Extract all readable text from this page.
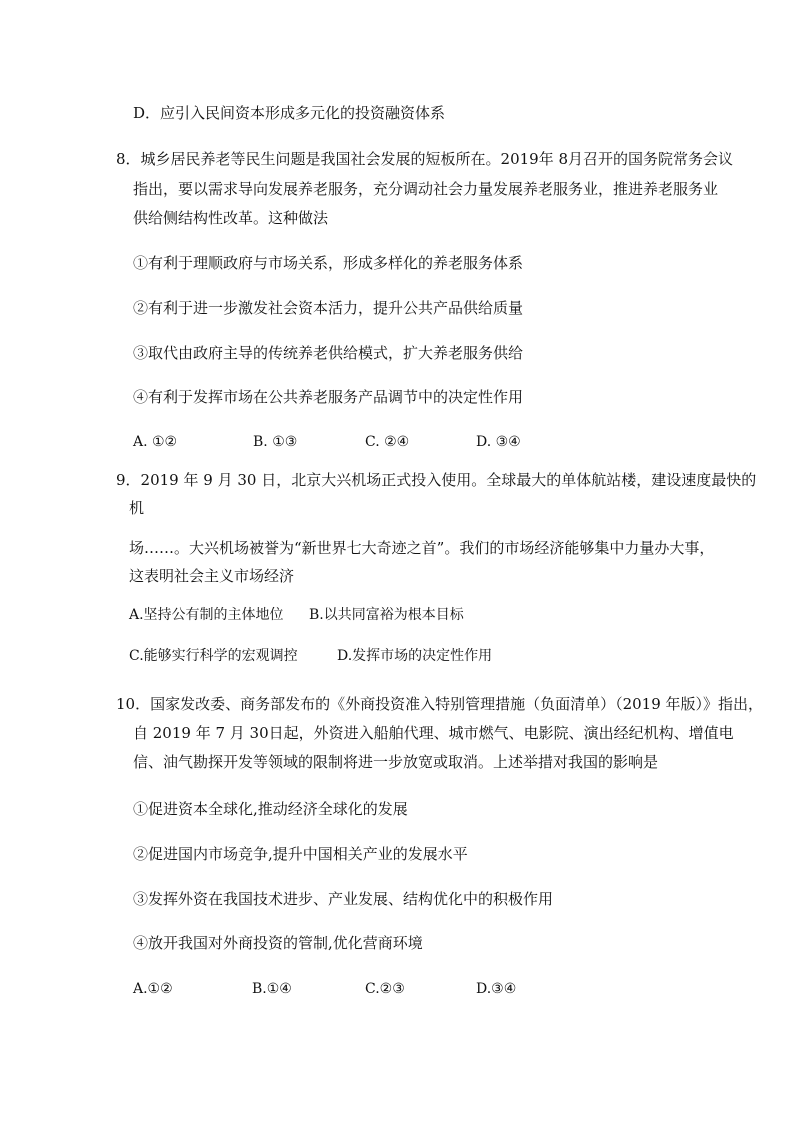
D．应引入民间资本形成多元化的投资融资体系
8．城乡居民养老等民生问题是我国社会发展的短板所在。2019年 8月召开的国务院常务会议
指出，要以需求导向发展养老服务，充分调动社会力量发展养老服务业，推进养老服务业
供给侧结构性改革。这种做法
①有利于理顺政府与市场关系，形成多样化的养老服务体系
②有利于进一步激发社会资本活力，提升公共产品供给质量
③取代由政府主导的传统养老供给模式，扩大养老服务供给
④有利于发挥市场在公共养老服务产品调节中的决定性作用
A. ①②	B. ①③	C. ②④	D. ③④
9．2019 年 9 月 30 日，北京大兴机场正式投入使用。全球最大的单体航站楼，建设速度最快的
机
场……。大兴机场被誉为“新世界七大奇迹之首”。我们的市场经济能够集中力量办大事，
这表明社会主义市场经济
A.坚持公有制的主体地位 B.以共同富裕为根本目标
C.能够实行科学的宏观调控	D.发挥市场的决定性作用
10．国家发改委、商务部发布的《外商投资准入特别管理措施（负面清单）（2019 年版）》指出，
自 2019 年 7 月 30日起，外资进入船舶代理、城市燃气、电影院、演出经纪机构、增值电
信、油气勘探开发等领域的限制将进一步放宽或取消。上述举措对我国的影响是
①促进资本全球化,推动经济全球化的发展
②促进国内市场竞争,提升中国相关产业的发展水平
③发挥外资在我国技术进步、产业发展、结构优化中的积极作用
④放开我国对外商投资的管制,优化营商环境
A.①②	B.①④	C.②③	D.③④
